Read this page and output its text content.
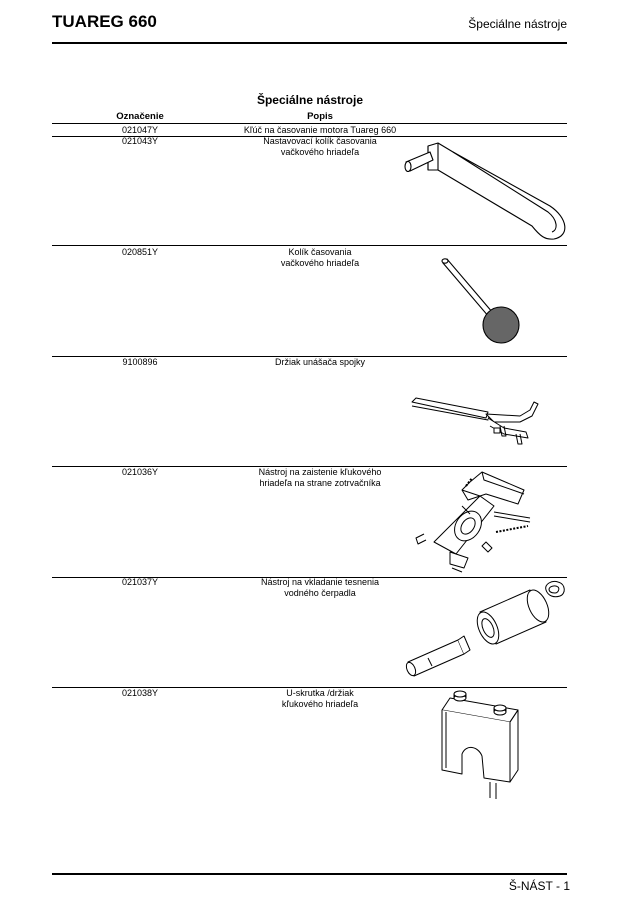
TUAREG 660	Špeciálne nástroje
Špeciálne nástroje
Označenie	Popis
021047Y	Kľúč na časovanie motora Tuareg 660
021043Y	Nastavovací kolík časovania
vačkového hriadeľa
020851Y	Kolík časovania
vačkového hriadeľa
9100896	Držiak unášača spojky
021036Y	Nástroj na zaistenie kľukového
hriadeľa na strane zotrvačníka
021037Y	Nástroj na vkladanie tesnenia
vodného čerpadla
021038Y	U-skrutka /držiak
kľukového hriadeľa
Š-NÁST - 1
